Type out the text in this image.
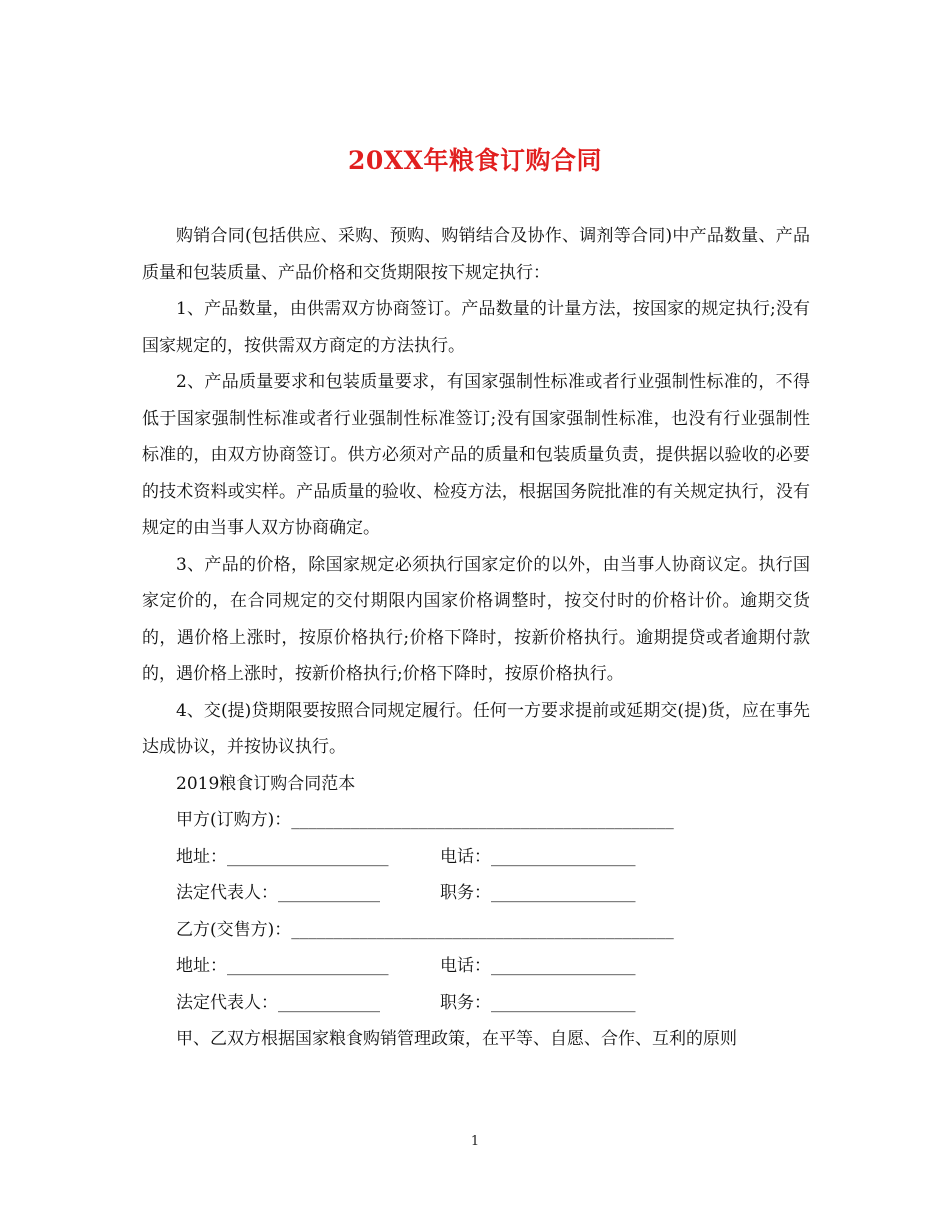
20XX年粮食订购合同

购销合同(包括供应、采购、预购、购销结合及协作、调剂等合同)中产品数量、产品质量和包装质量、产品价格和交货期限按下规定执行：

1、产品数量，由供需双方协商签订。产品数量的计量方法，按国家的规定执行;没有国家规定的，按供需双方商定的方法执行。

2、产品质量要求和包装质量要求，有国家强制性标准或者行业强制性标准的，不得低于国家强制性标准或者行业强制性标准签订;没有国家强制性标准，也没有行业强制性标准的，由双方协商签订。供方必须对产品的质量和包装质量负责，提供据以验收的必要的技术资料或实样。产品质量的验收、检疫方法，根据国务院批准的有关规定执行，没有规定的由当事人双方协商确定。

3、产品的价格，除国家规定必须执行国家定价的以外，由当事人协商议定。执行国家定价的，在合同规定的交付期限内国家价格调整时，按交付时的价格计价。逾期交货的，遇价格上涨时，按原价格执行;价格下降时，按新价格执行。逾期提贷或者逾期付款的，遇价格上涨时，按新价格执行;价格下降时，按原价格执行。

4、交(提)贷期限要按照合同规定履行。任何一方要求提前或延期交(提)货，应在事先达成协议，并按协议执行。

2019粮食订购合同范本

甲方(订购方)：_____________________________________________

地址：___________________	电话：_________________

法定代表人：____________	职务：_________________

乙方(交售方)：_____________________________________________

地址：___________________	电话：_________________

法定代表人：____________	职务：_________________

甲、乙双方根据国家粮食购销管理政策，在平等、自愿、合作、互利的原则

1
